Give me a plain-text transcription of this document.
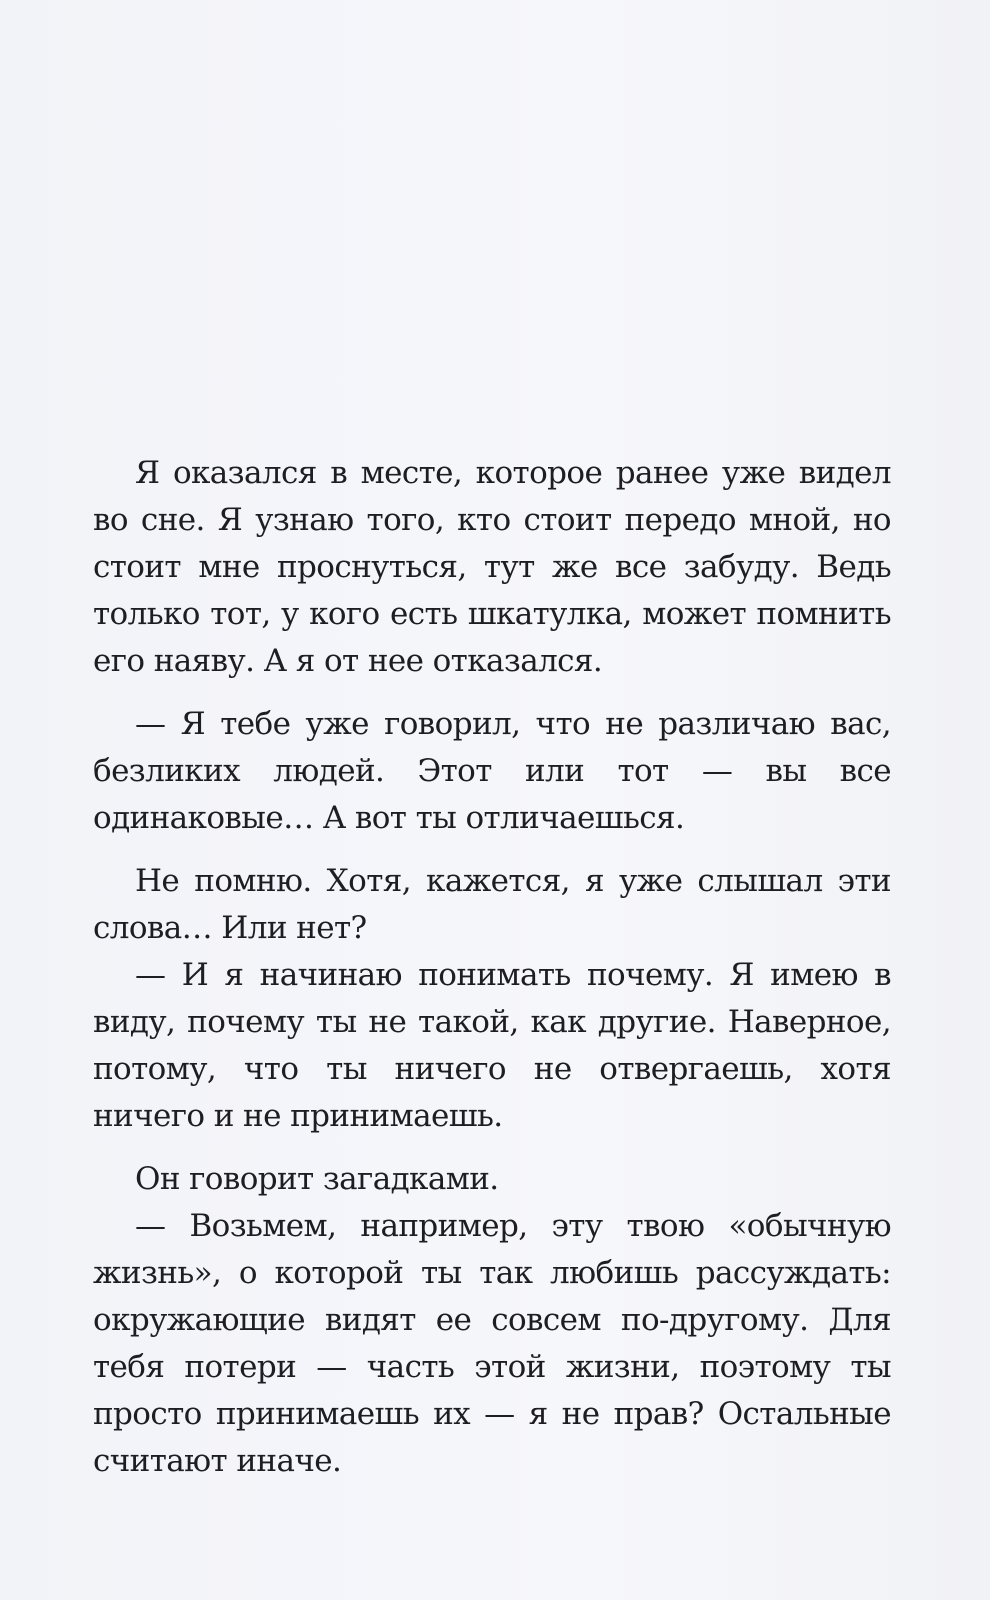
Я оказался в месте, которое ранее уже видел во сне. Я узнаю того, кто стоит передо мной, но стоит мне проснуться, тут же все забуду. Ведь только тот, у кого есть шкатулка, может помнить его наяву. А я от нее отказался.

— Я тебе уже говорил, что не различаю вас, безликих людей. Этот или тот — вы все одинаковые… А вот ты отличаешься.

Не помню. Хотя, кажется, я уже слышал эти слова… Или нет?

— И я начинаю понимать почему. Я имею в виду, почему ты не такой, как другие. Наверное, потому, что ты ничего не отвергаешь, хотя ничего и не принимаешь.

Он говорит загадками.

— Возьмем, например, эту твою «обычную жизнь», о которой ты так любишь рассуждать: окружающие видят ее совсем по-другому. Для тебя потери — часть этой жизни, поэтому ты просто принимаешь их — я не прав? Остальные считают иначе.
